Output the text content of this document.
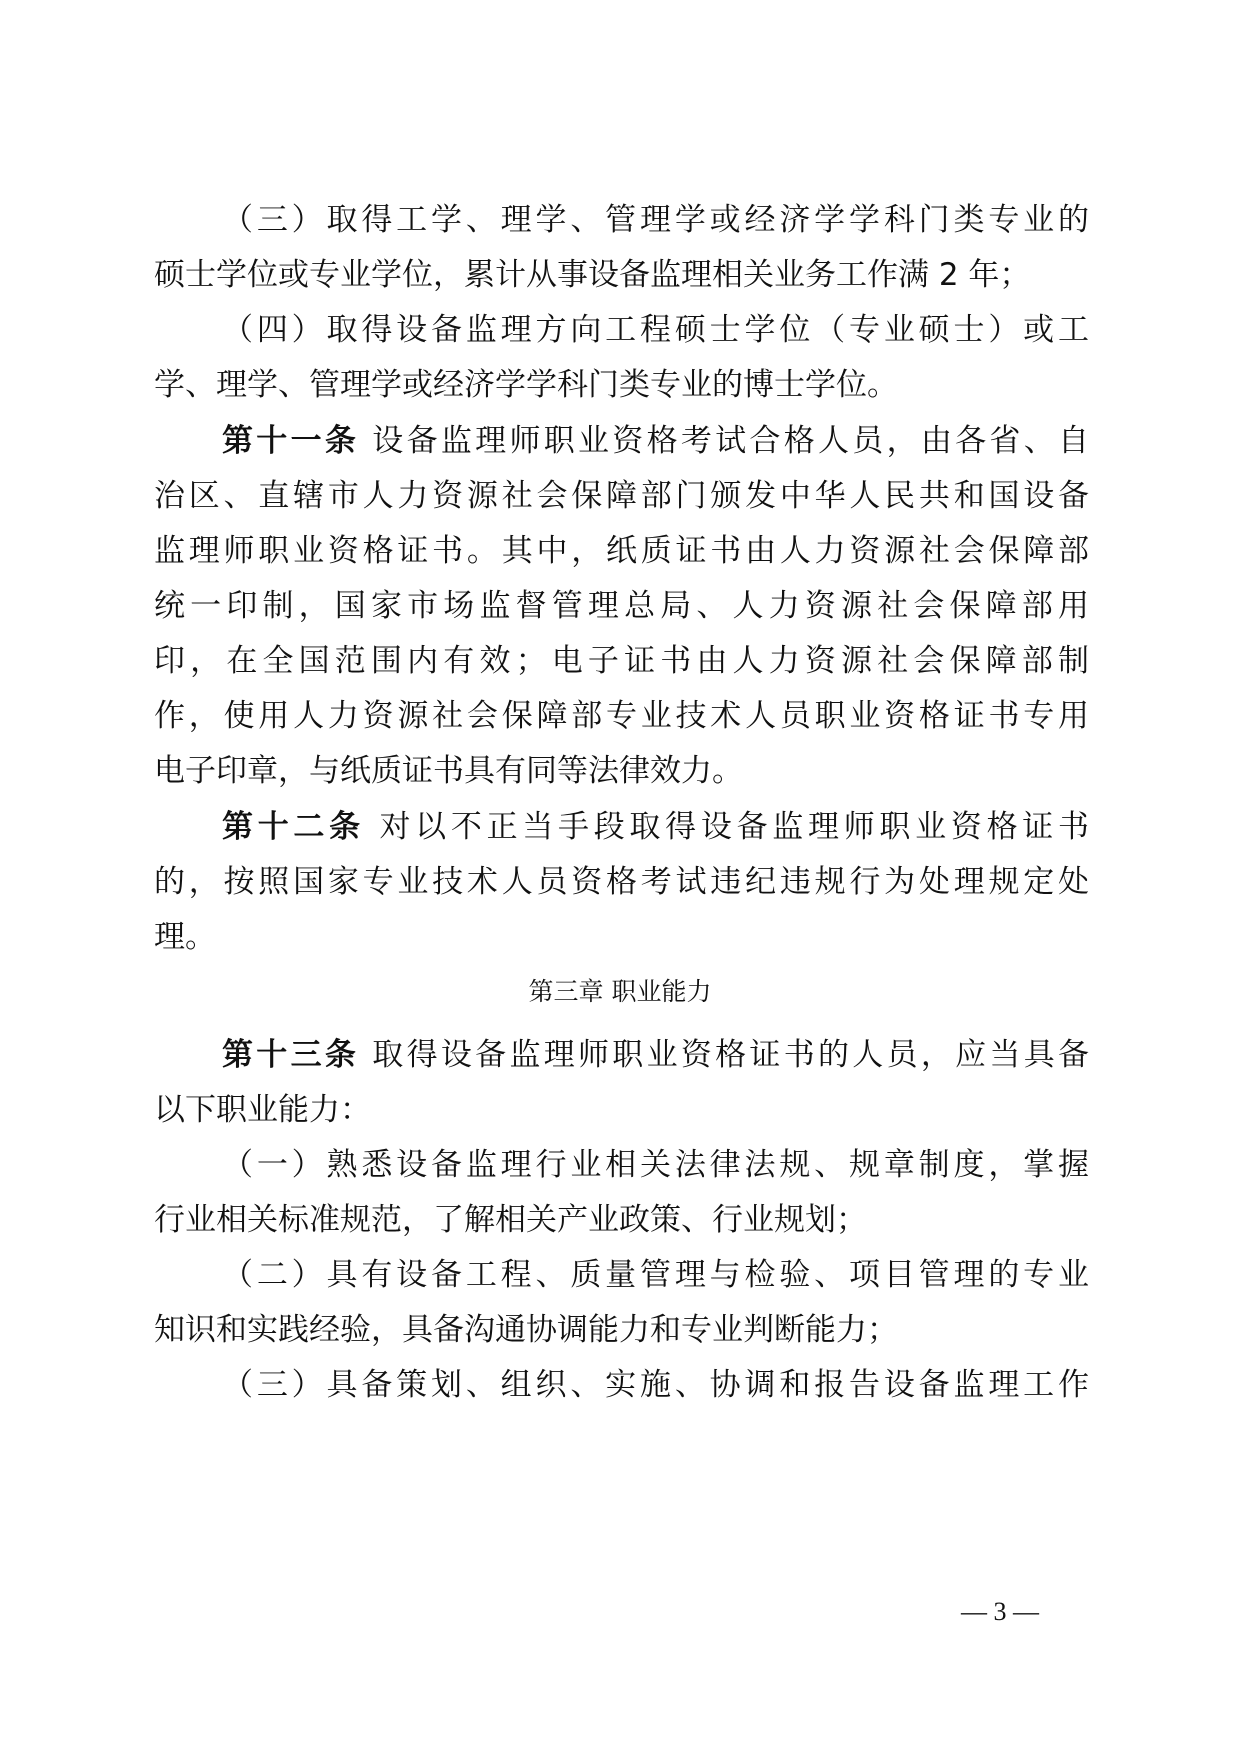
（三）取得工学、理学、管理学或经济学学科门类专业的
硕士学位或专业学位，累计从事设备监理相关业务工作满 2 年；
（四）取得设备监理方向工程硕士学位（专业硕士）或工
学、理学、管理学或经济学学科门类专业的博士学位。
第十一条 设备监理师职业资格考试合格人员，由各省、自
治区、直辖市人力资源社会保障部门颁发中华人民共和国设备
监理师职业资格证书。其中，纸质证书由人力资源社会保障部
统一印制，国家市场监督管理总局、人力资源社会保障部用
印，在全国范围内有效；电子证书由人力资源社会保障部制
作，使用人力资源社会保障部专业技术人员职业资格证书专用
电子印章，与纸质证书具有同等法律效力。
第十二条 对以不正当手段取得设备监理师职业资格证书
的，按照国家专业技术人员资格考试违纪违规行为处理规定处
理。
第三章 职业能力
第十三条 取得设备监理师职业资格证书的人员，应当具备
以下职业能力：
（一）熟悉设备监理行业相关法律法规、规章制度，掌握
行业相关标准规范，了解相关产业政策、行业规划；
（二）具有设备工程、质量管理与检验、项目管理的专业
知识和实践经验，具备沟通协调能力和专业判断能力；
（三）具备策划、组织、实施、协调和报告设备监理工作
— 3 —
